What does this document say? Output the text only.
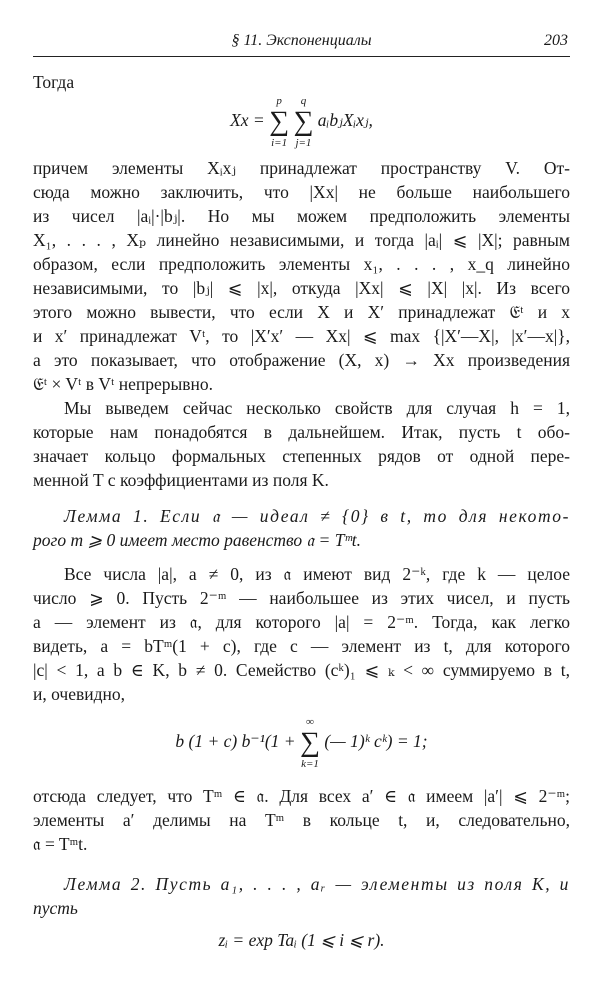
§ 11. Экспоненциалы	203
Тогда
Xx =
p
∑
i=1

q
∑
j=1
aᵢbⱼXᵢxⱼ,
причем элементы Xᵢxⱼ принадлежат пространству V. От-
сюда можно заключить, что |Xx| не больше наибольшего
из чисел |aᵢ|·|bⱼ|. Но мы можем предположить элементы
X₁, . . . , Xₚ линейно независимыми, и тогда |aᵢ| ⩽ |X|; равным
образом, если предположить элементы x₁, . . . , x_q линейно
независимыми, то |bⱼ| ⩽ |x|, откуда |Xx| ⩽ |X| |x|. Из всего
этого можно вывести, что если X и X′ принадлежат 𝔈ᵗ и x
и x′ принадлежат Vᵗ, то |X′x′ — Xx| ⩽ max {|X′—X|, |x′—x|},
а это показывает, что отображение (X, x) → Xx произведения
𝔈ᵗ × Vᵗ в Vᵗ непрерывно.
Мы выведем сейчас несколько свойств для случая h = 1,
которые нам понадобятся в дальнейшем. Итак, пусть t обо-
значает кольцо формальных степенных рядов от одной пере-
менной T с коэффициентами из поля K.
Лемма 1. Если 𝔞 — идеал ≠ {0} в t, то для некото-
рого m ⩾ 0 имеет место равенство 𝔞 = Tᵐt.
Все числа |a|, a ≠ 0, из 𝔞 имеют вид 2⁻ᵏ, где k — целое
число ⩾ 0. Пусть 2⁻ᵐ — наибольшее из этих чисел, и пусть
a — элемент из 𝔞, для которого |a| = 2⁻ᵐ. Тогда, как легко
видеть, a = bTᵐ(1 + c), где c — элемент из t, для которого
|c| < 1, а b ∈ K, b ≠ 0. Семейство (cᵏ)₁ ⩽ ₖ < ∞ суммируемо в t,
и, очевидно,
b (1 + c) b⁻¹(1 +
∞
∑
k=1
(— 1)ᵏ cᵏ) = 1;
отсюда следует, что Tᵐ ∈ 𝔞. Для всех a′ ∈ 𝔞 имеем |a′| ⩽ 2⁻ᵐ;
элементы a′ делимы на Tᵐ в кольце t, и, следовательно,
𝔞 = Tᵐt.
Лемма 2. Пусть a₁, . . . , aᵣ — элементы из поля K, и
пусть
zᵢ = exp Taᵢ (1 ⩽ i ⩽ r).
